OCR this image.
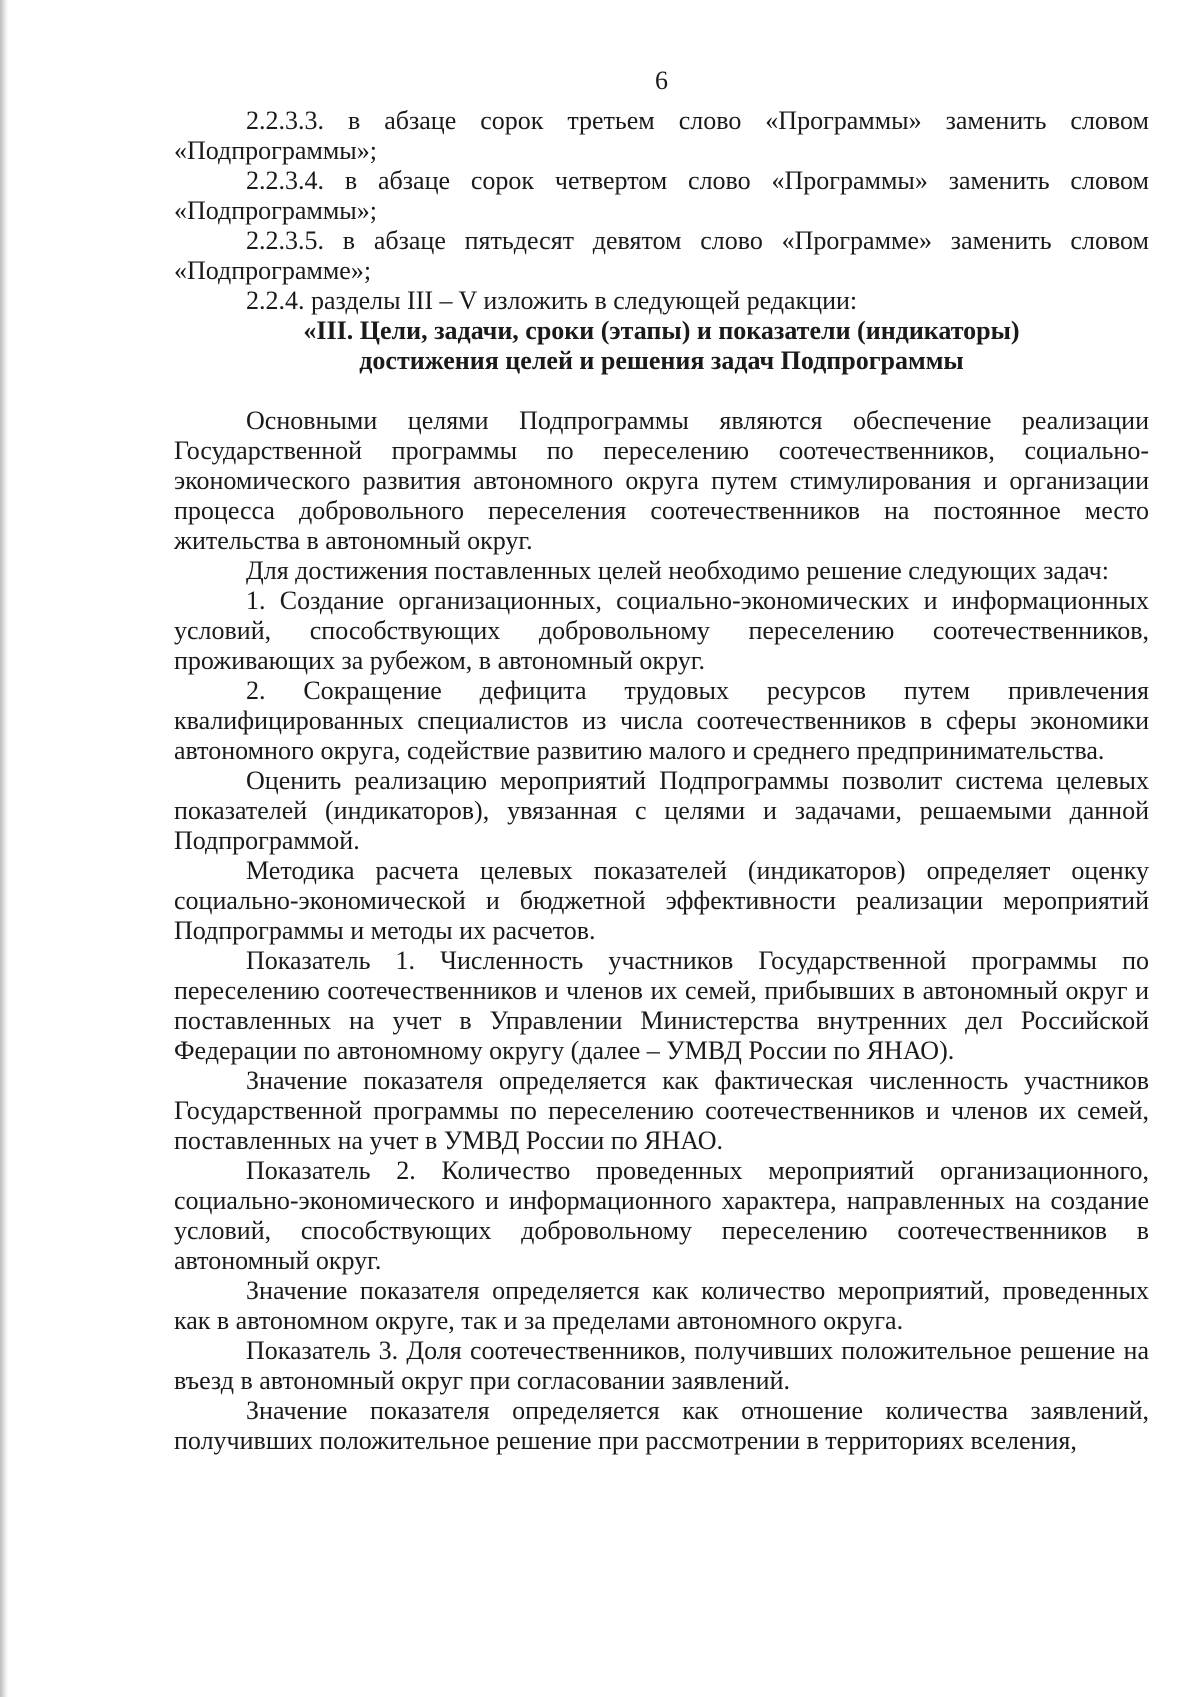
6

2.2.3.3. в абзаце сорок третьем слово «Программы» заменить словом «Подпрограммы»;

2.2.3.4. в абзаце сорок четвертом слово «Программы» заменить словом «Подпрограммы»;

2.2.3.5. в абзаце пятьдесят девятом слово «Программе» заменить словом «Подпрограмме»;

2.2.4. разделы III – V изложить в следующей редакции:

«III. Цели, задачи, сроки (этапы) и показатели (индикаторы)
достижения целей и решения задач Подпрограммы

Основными целями Подпрограммы являются обеспечение реализации Государственной программы по переселению соотечественников, социально-экономического развития автономного округа путем стимулирования и организации процесса добровольного переселения соотечественников на постоянное место жительства в автономный округ.

Для достижения поставленных целей необходимо решение следующих задач:

1. Создание организационных, социально-экономических и информационных условий, способствующих добровольному переселению соотечественников, проживающих за рубежом, в автономный округ.

2. Сокращение дефицита трудовых ресурсов путем привлечения квалифицированных специалистов из числа соотечественников в сферы экономики автономного округа, содействие развитию малого и среднего предпринимательства.

Оценить реализацию мероприятий Подпрограммы позволит система целевых показателей (индикаторов), увязанная с целями и задачами, решаемыми данной Подпрограммой.

Методика расчета целевых показателей (индикаторов) определяет оценку социально-экономической и бюджетной эффективности реализации мероприятий Подпрограммы и методы их расчетов.

Показатель 1. Численность участников Государственной программы по переселению соотечественников и членов их семей, прибывших в автономный округ и поставленных на учет в Управлении Министерства внутренних дел Российской Федерации по автономному округу (далее – УМВД России по ЯНАО).

Значение показателя определяется как фактическая численность участников Государственной программы по переселению соотечественников и членов их семей, поставленных на учет в УМВД России по ЯНАО.

Показатель 2. Количество проведенных мероприятий организационного, социально-экономического и информационного характера, направленных на создание условий, способствующих добровольному переселению соотечественников в автономный округ.

Значение показателя определяется как количество мероприятий, проведенных как в автономном округе, так и за пределами автономного округа.

Показатель 3. Доля соотечественников, получивших положительное решение на въезд в автономный округ при согласовании заявлений.

Значение показателя определяется как отношение количества заявлений, получивших положительное решение при рассмотрении в территориях вселения,
